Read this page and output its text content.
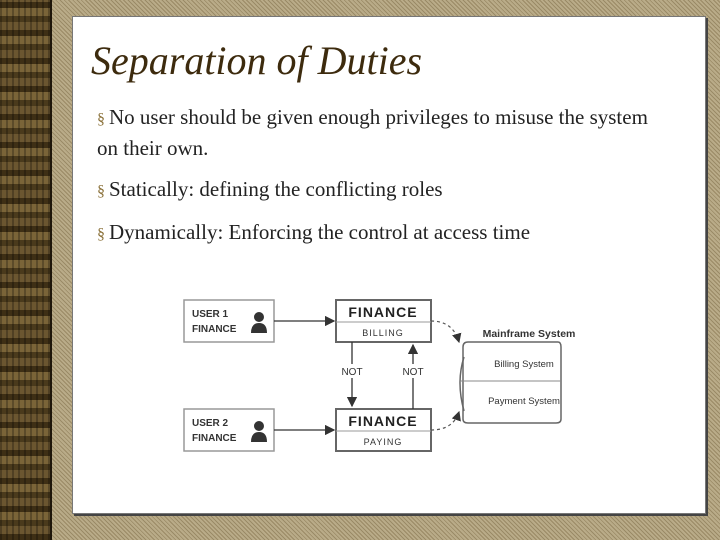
Separation of Duties
§ No user should be given enough privileges to misuse the system on their own.
§ Statically: defining the conflicting roles
§ Dynamically: Enforcing the control at access time
USER 1
FINANCE
USER 2
FINANCE
FINANCE
BILLING
FINANCE
PAYING
NOT	NOT
Mainframe System
Billing System
Payment System
